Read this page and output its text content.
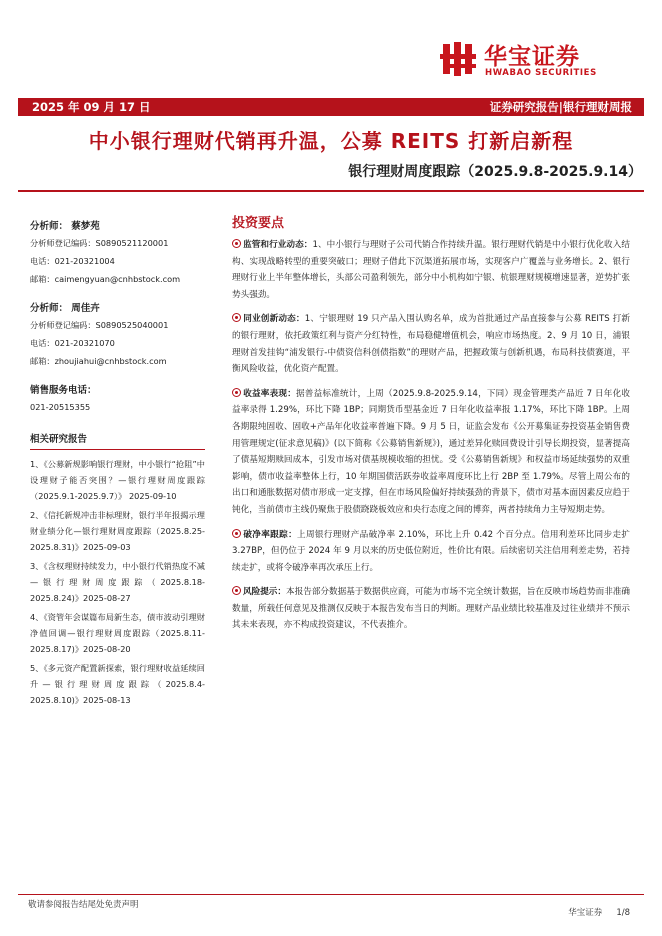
华宝证券
HWABAO SECURITIES
2025 年 09 月 17 日	证券研究报告|银行理财周报
中小银行理财代销再升温，公募 REITS 打新启新程
银行理财周度跟踪（2025.9.8-2025.9.14）
分析师： 蔡梦苑
分析师登记编码：S0890521120001
电话：021-20321004
邮箱：caimengyuan@cnhbstock.com
分析师： 周佳卉
分析师登记编码：S0890525040001
电话：021-20321070
邮箱：zhoujiahui@cnhbstock.com
销售服务电话：
021-20515355
相关研究报告
1、《公募新规影响银行理财，中小银行“抢阻”中设理财子能否突围？—银行理财周度跟踪（2025.9.1-2025.9.7）》 2025-09-10
2、《信托新规冲击非标理财，银行半年报揭示理财业绩分化—银行理财周度跟踪（2025.8.25-2025.8.31)》2025-09-03
3、《含权理财持续发力，中小银行代销热度不减—银行理财周度跟踪（2025.8.18-2025.8.24)》2025-08-27
4、《资管年会谋篇布局新生态，债市波动引理财净值回调—银行理财周度跟踪（2025.8.11-2025.8.17)》2025-08-20
5、《多元资产配置新探索，银行理财收益延续回升—银行理财周度跟踪（2025.8.4-2025.8.10)》2025-08-13
投资要点

监管和行业动态：1、中小银行与理财子公司代销合作持续升温。银行理财代销是中小银行优化收入结构、实现战略转型的重要突破口；理财子借此下沉渠道拓展市场，实现客户广覆盖与业务增长。2、银行理财行业上半年整体增长，头部公司盈利领先，部分中小机构如宁银、杭银理财规模增速显著，逆势扩张势头强劲。

同业创新动态：1、宁银理财 19 只产品入围认购名单，成为首批通过产品直接参与公募 REITS 打新的银行理财，依托政策红利与资产分红特性，布局稳健增值机会，响应市场热度。2、9 月 10 日，浦银理财首发挂钩“浦发银行-中债资信科创债指数”的理财产品，把握政策与创新机遇，布局科技债赛道，平衡风险收益，优化资产配置。

收益率表现：据普益标准统计，上周（2025.9.8-2025.9.14，下同）现金管理类产品近 7 日年化收益率录得 1.29%，环比下降 1BP；同期货币型基金近 7 日年化收益率报 1.17%，环比下降 1BP。上周各期限纯固收、固收+产品年化收益率普遍下降。9 月 5 日，证监会发布《公开募集证券投资基金销售费用管理规定(征求意见稿)》(以下简称《公募销售新规》)，通过差异化赎回费设计引导长期投资，显著提高了债基短期赎回成本，引发市场对债基规模收缩的担忧。受《公募销售新规》和权益市场延续强势的双重影响，债市收益率整体上行，10 年期国债活跃券收益率周度环比上行 2BP 至 1.79%。尽管上周公布的出口和通胀数据对债市形成一定支撑，但在市场风险偏好持续强劲的背景下，债市对基本面因素反应趋于钝化，当前债市主线仍聚焦于股债跷跷板效应和央行态度之间的博弈，两者持续角力主导短期走势。

破净率跟踪：上周银行理财产品破净率 2.10%，环比上升 0.42 个百分点。信用利差环比同步走扩 3.27BP，但仍位于 2024 年 9 月以来的历史低位附近，性价比有限。后续密切关注信用利差走势，若持续走扩，或将令破净率再次承压上行。

风险提示：本报告部分数据基于数据供应商，可能为市场不完全统计数据，旨在反映市场趋势而非准确数量，所载任何意见及推测仅反映于本报告发布当日的判断。理财产品业绩比较基准及过往业绩并不预示其未来表现，亦不构成投资建议，不代表推介。

敬请参阅报告结尾处免责声明
华宝证券 1/8
